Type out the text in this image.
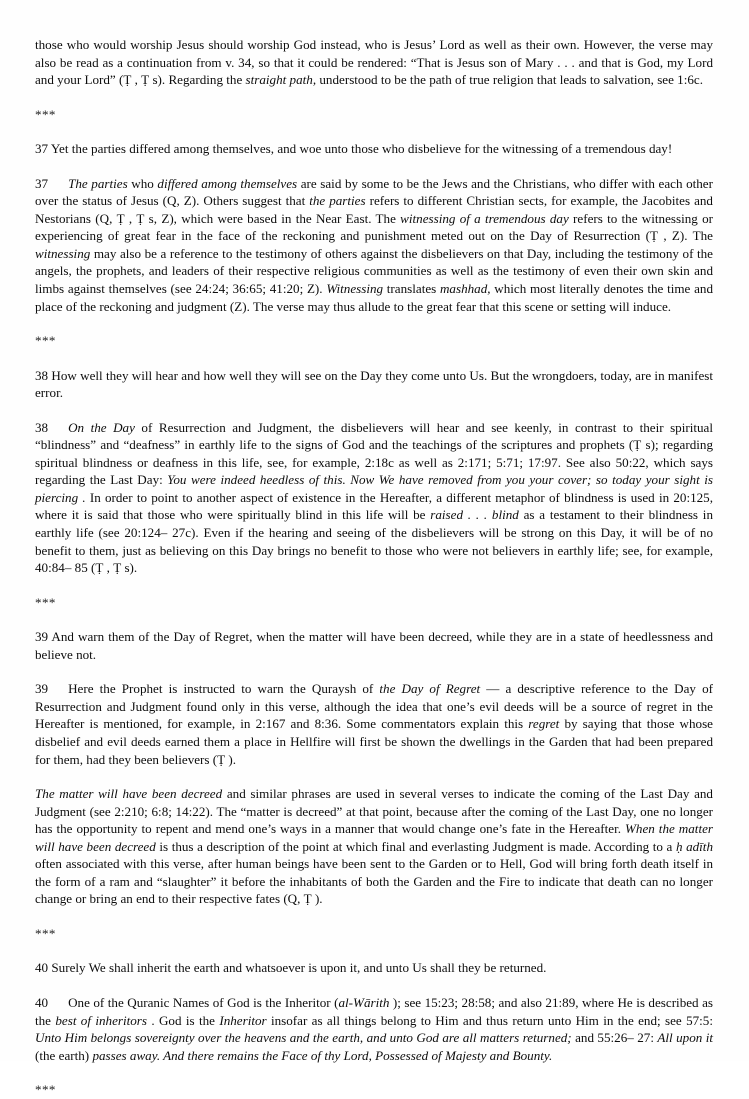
those who would worship Jesus should worship God instead, who is Jesus’ Lord as well as their own. However, the verse may also be read as a continuation from v. 34, so that it could be rendered: “That is Jesus son of Mary . . . and that is God, my Lord and your Lord” (Ṭ , Ṭ s). Regarding the straight path, understood to be the path of true religion that leads to salvation, see 1:6c.
***
37 Yet the parties differed among themselves, and woe unto those who disbelieve for the witnessing of a tremendous day!
37 The parties who differed among themselves are said by some to be the Jews and the Christians, who differ with each other over the status of Jesus (Q, Z). Others suggest that the parties refers to different Christian sects, for example, the Jacobites and Nestorians (Q, Ṭ , Ṭ s, Z), which were based in the Near East. The witnessing of a tremendous day refers to the witnessing or experiencing of great fear in the face of the reckoning and punishment meted out on the Day of Resurrection (Ṭ , Z). The witnessing may also be a reference to the testimony of others against the disbelievers on that Day, including the testimony of the angels, the prophets, and leaders of their respective religious communities as well as the testimony of even their own skin and limbs against themselves (see 24:24; 36:65; 41:20; Z). Witnessing translates mashhad, which most literally denotes the time and place of the reckoning and judgment (Z). The verse may thus allude to the great fear that this scene or setting will induce.
***
38 How well they will hear and how well they will see on the Day they come unto Us. But the wrongdoers, today, are in manifest error.
38 On the Day of Resurrection and Judgment, the disbelievers will hear and see keenly, in contrast to their spiritual “blindness” and “deafness” in earthly life to the signs of God and the teachings of the scriptures and prophets (Ṭ s); regarding spiritual blindness or deafness in this life, see, for example, 2:18c as well as 2:171; 5:71; 17:97. See also 50:22, which says regarding the Last Day: You were indeed heedless of this. Now We have removed from you your cover; so today your sight is piercing . In order to point to another aspect of existence in the Hereafter, a different metaphor of blindness is used in 20:125, where it is said that those who were spiritually blind in this life will be raised . . . blind as a testament to their blindness in earthly life (see 20:124– 27c). Even if the hearing and seeing of the disbelievers will be strong on this Day, it will be of no benefit to them, just as believing on this Day brings no benefit to those who were not believers in earthly life; see, for example, 40:84– 85 (Ṭ , Ṭ s).
***
39 And warn them of the Day of Regret, when the matter will have been decreed, while they are in a state of heedlessness and believe not.
39 Here the Prophet is instructed to warn the Quraysh of the Day of Regret — a descriptive reference to the Day of Resurrection and Judgment found only in this verse, although the idea that one’s evil deeds will be a source of regret in the Hereafter is mentioned, for example, in 2:167 and 8:36. Some commentators explain this regret by saying that those whose disbelief and evil deeds earned them a place in Hellfire will first be shown the dwellings in the Garden that had been prepared for them, had they been believers (Ṭ ).
The matter will have been decreed and similar phrases are used in several verses to indicate the coming of the Last Day and Judgment (see 2:210; 6:8; 14:22). The “matter is decreed” at that point, because after the coming of the Last Day, one no longer has the opportunity to repent and mend one’s ways in a manner that would change one’s fate in the Hereafter. When the matter will have been decreed is thus a description of the point at which final and everlasting Judgment is made. According to a ḥ adīth often associated with this verse, after human beings have been sent to the Garden or to Hell, God will bring forth death itself in the form of a ram and “slaughter” it before the inhabitants of both the Garden and the Fire to indicate that death can no longer change or bring an end to their respective fates (Q, Ṭ ).
***
40 Surely We shall inherit the earth and whatsoever is upon it, and unto Us shall they be returned.
40 One of the Quranic Names of God is the Inheritor (al-Wārith ); see 15:23; 28:58; and also 21:89, where He is described as the best of inheritors . God is the Inheritor insofar as all things belong to Him and thus return unto Him in the end; see 57:5: Unto Him belongs sovereignty over the heavens and the earth, and unto God are all matters returned; and 55:26– 27: All upon it (the earth) passes away. And there remains the Face of thy Lord, Possessed of Majesty and Bounty.
***
